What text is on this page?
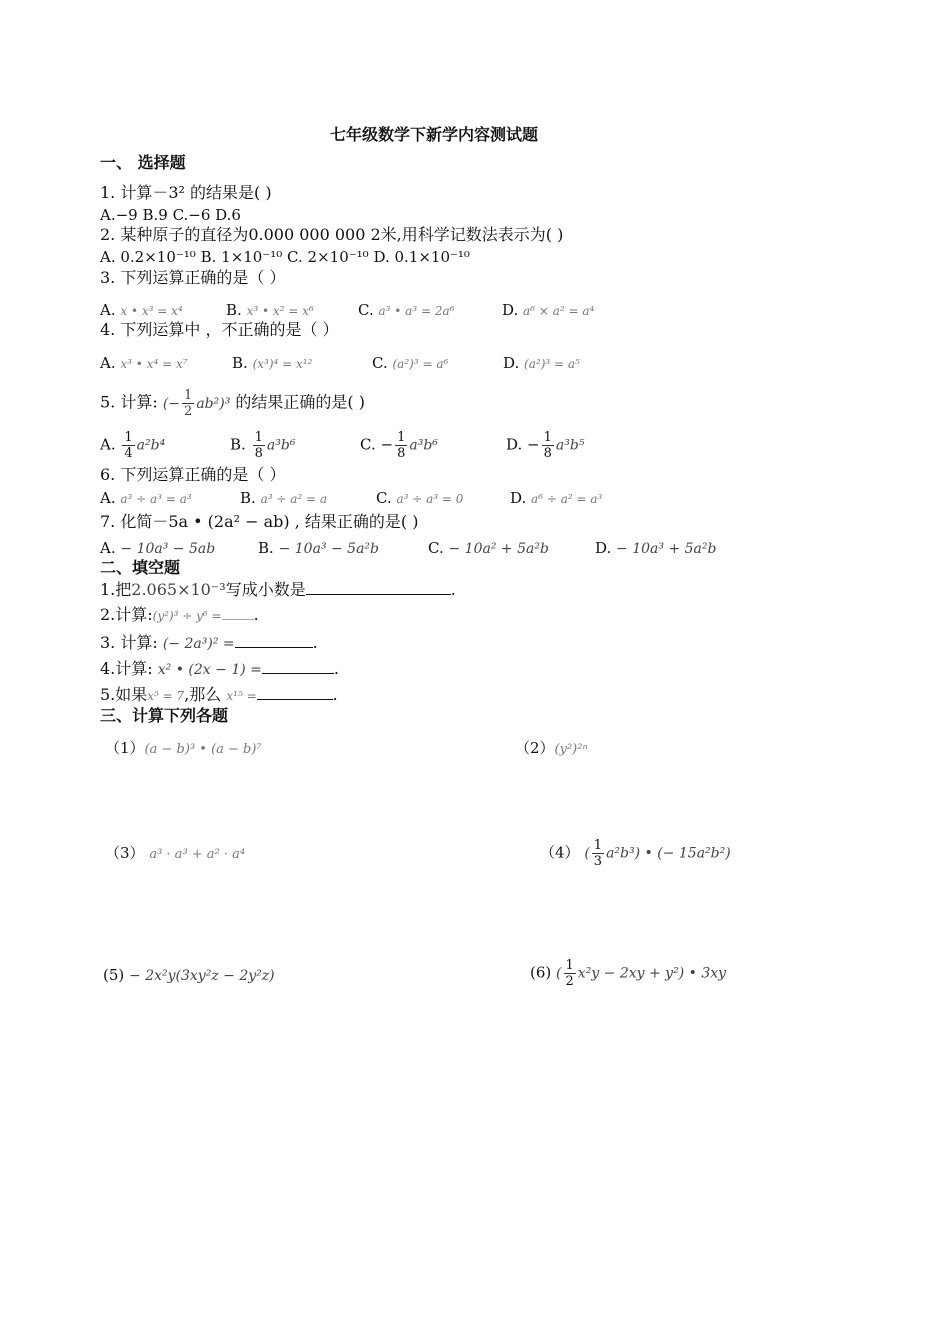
七年级数学下新学内容测试题
一、 选择题
1. 计算－3² 的结果是( )
A.−9 B.9 C.−6 D.6
2. 某种原子的直径为0.000 000 000 2米,用科学记数法表示为( )
A. 0.2×10⁻¹⁰ B. 1×10⁻¹⁰ C. 2×10⁻¹⁰ D. 0.1×10⁻¹⁰
3. 下列运算正确的是（ ）
A. x • x³ = x⁴	B. x³ • x² = x⁶	C. a³ • a³ = 2a⁶	D. a⁶ × a² = a⁴
4. 下列运算中 ，不正确的是（ ）
A. x³ • x⁴ = x⁷	B. (x³)⁴ = x¹²	C. (a²)³ = a⁶	D. (a²)³ = a⁵
5. 计算: (− $\frac{1}{2} ab^2)^3$ 的结果正确的是( )
A. $\frac{1}{4} a^2b^4$	B. $\frac{1}{8} a^3b^6$	C. − $\frac{1}{8} a^3b^6$	D. − $\frac{1}{8} a^3b^5$
6. 下列运算正确的是（ ）
A. a³ ÷ a³ = a³	B. a³ ÷ a² = a	C. a³ ÷ a³ = 0	D. a⁶ ÷ a² = a³
7. 化简－5a • (2a² − ab) , 结果正确的是( )
A. − 10a³ − 5ab	B. − 10a³ − 5a²b	C. − 10a² + 5a²b	D. − 10a³ + 5a²b
二、填空题
1.把2.065×10⁻³写成小数是	.
2.计算:(y²)³ ÷ y⁶ = .
3. 计算: (− 2a³)² =	.
4.计算: x² • (2x − 1) =	.
5.如果x⁵ = 7,那么 x¹⁵ =	.
三、计算下列各题
（1）(a − b)³ • (a − b)⁷	（2）(y²)²ⁿ
（3） a³ · a³ + a² · a⁴	（4） ( $\frac{1}{3} a^2b^3$) • (− 15a²b²)
(5) − 2x²y(3xy²z − 2y²z)	(6) ( $\frac{1}{2} x^2y - 2xy + y^2$) • 3xy
